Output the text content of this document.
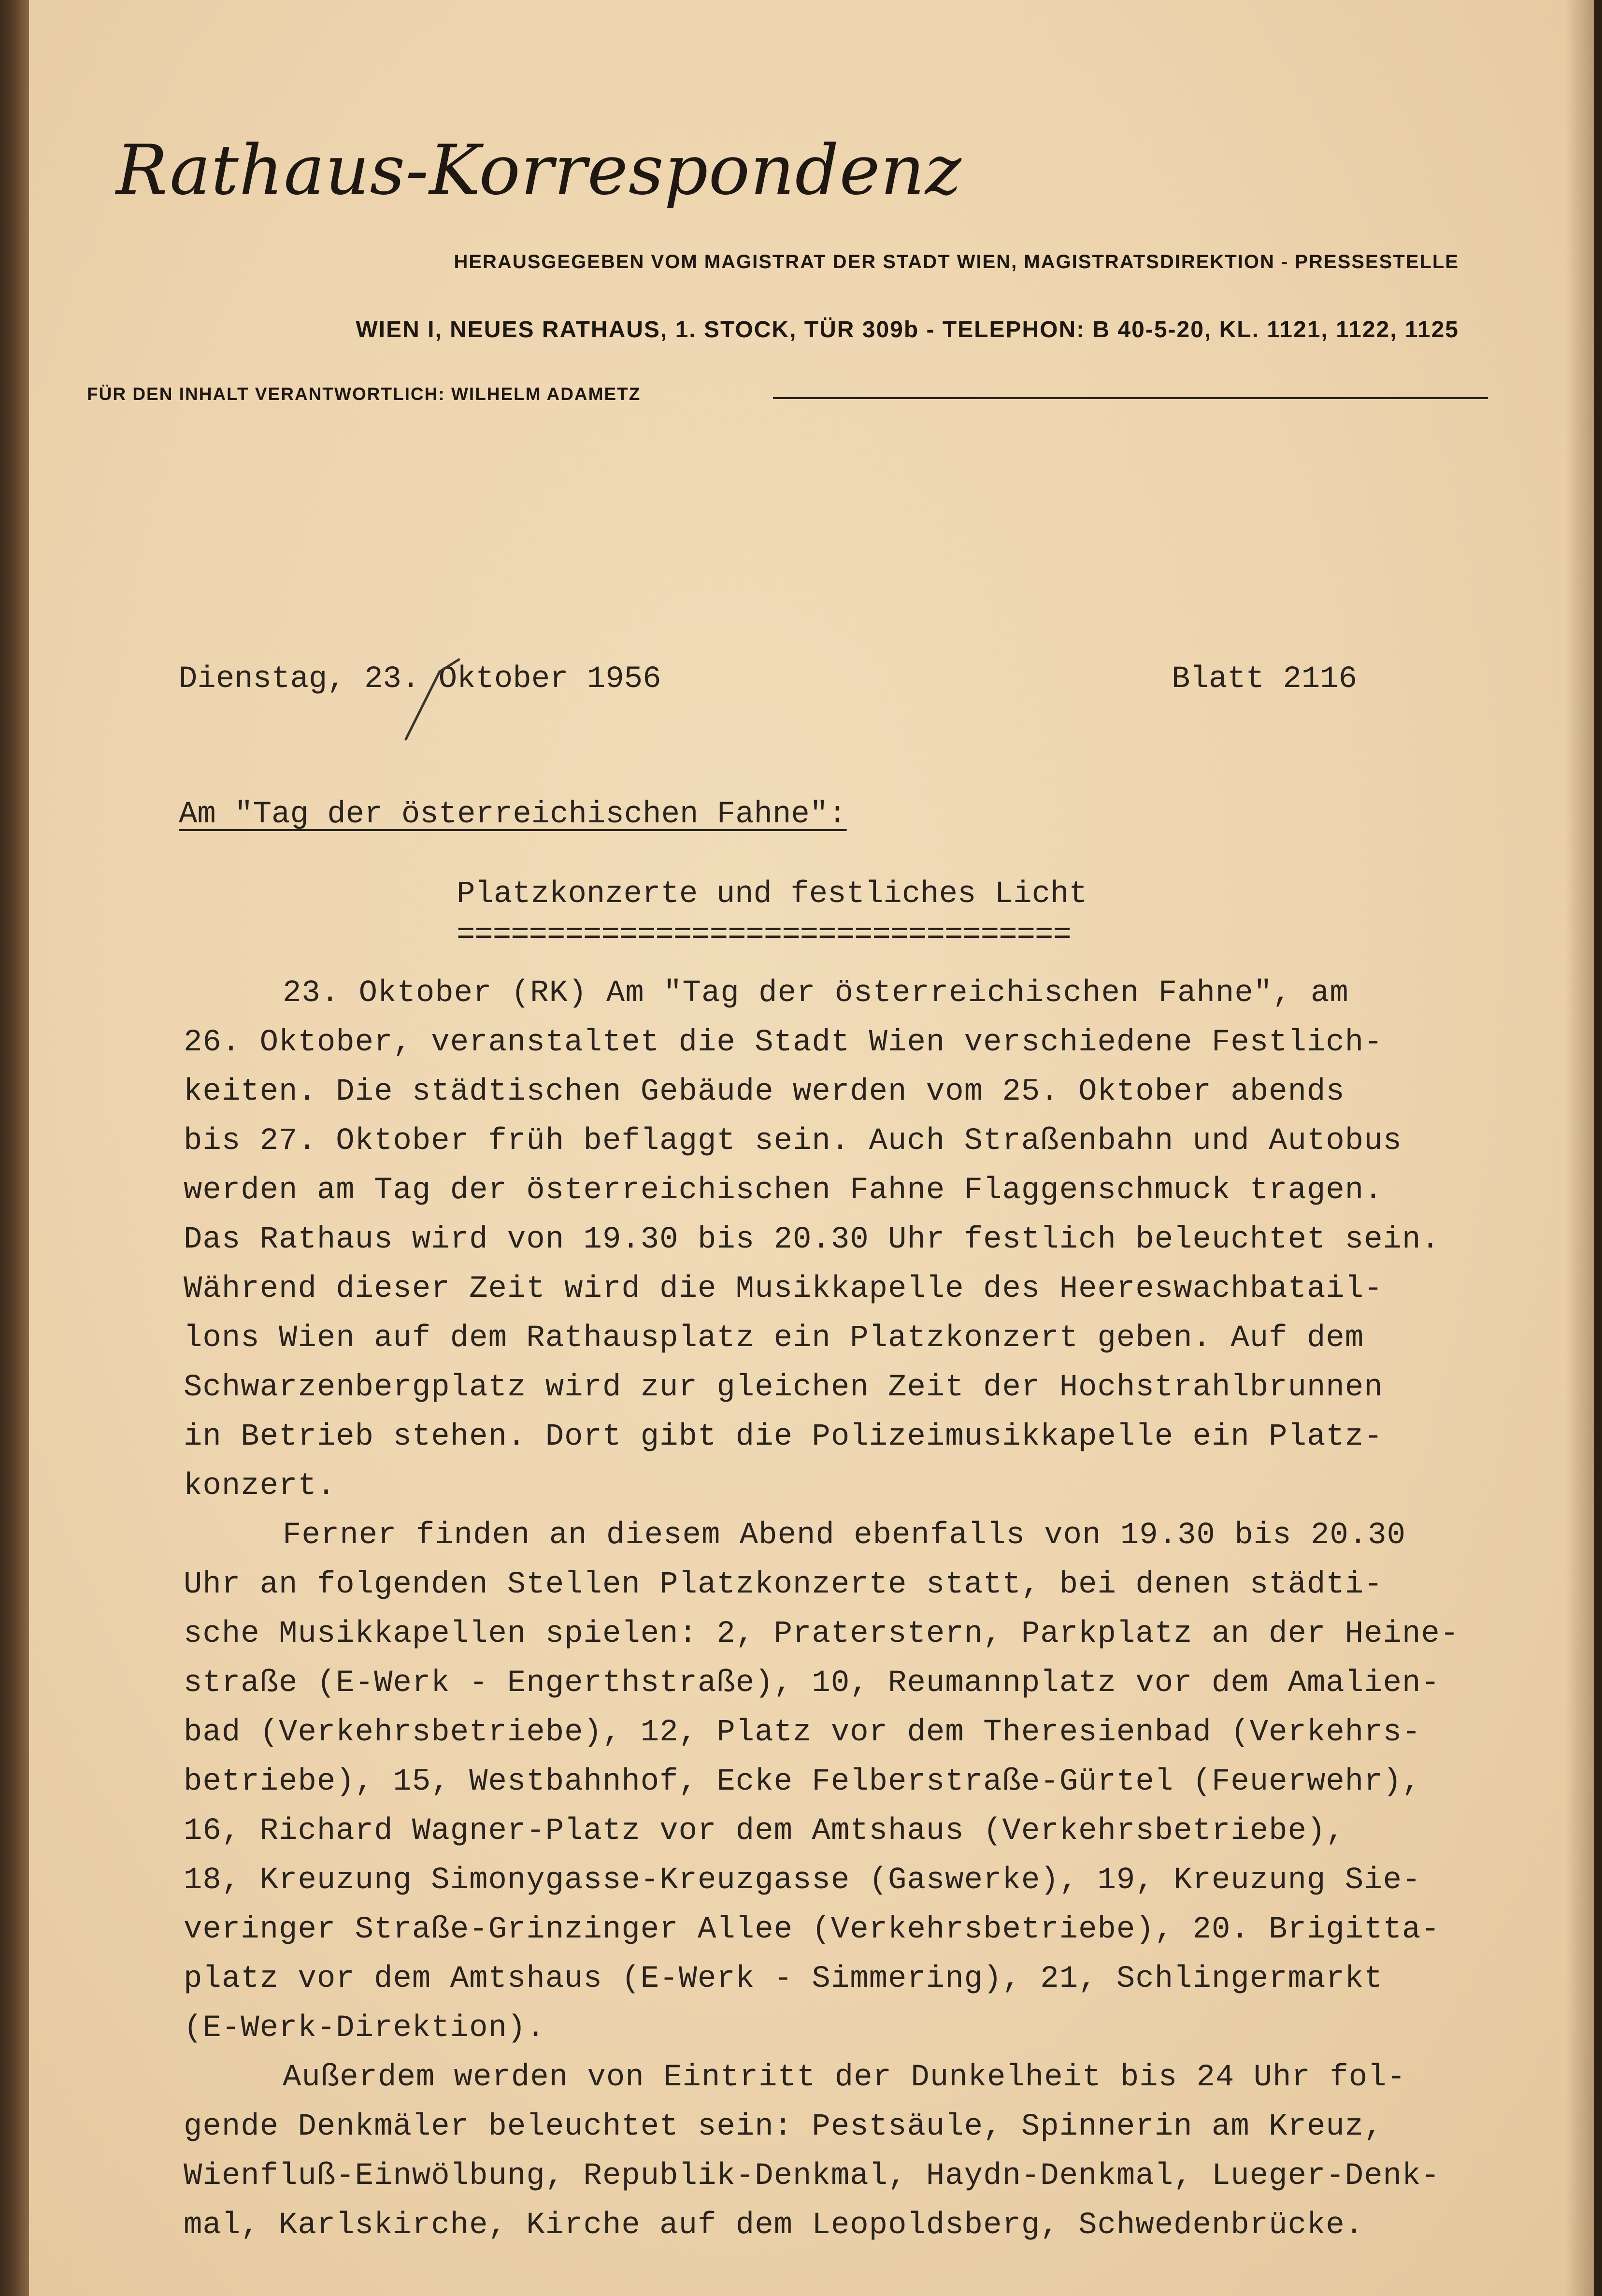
Rathaus-Korrespondenz
HERAUSGEGEBEN VOM MAGISTRAT DER STADT WIEN, MAGISTRATSDIREKTION - PRESSESTELLE
WIEN I, NEUES RATHAUS, 1. STOCK, TÜR 309b - TELEPHON: B 40-5-20, KL. 1121, 1122, 1125
FÜR DEN INHALT VERANTWORTLICH: WILHELM ADAMETZ
Dienstag, 23. Oktober 1956	Blatt 2116
Am "Tag der österreichischen Fahne":
Platzkonzerte und festliches Licht
==================================
23. Oktober (RK) Am "Tag der österreichischen Fahne", am
26. Oktober, veranstaltet die Stadt Wien verschiedene Festlich-
keiten. Die städtischen Gebäude werden vom 25. Oktober abends
bis 27. Oktober früh beflaggt sein. Auch Straßenbahn und Autobus
werden am Tag der österreichischen Fahne Flaggenschmuck tragen.
Das Rathaus wird von 19.30 bis 20.30 Uhr festlich beleuchtet sein.
Während dieser Zeit wird die Musikkapelle des Heereswachbatail-
lons Wien auf dem Rathausplatz ein Platzkonzert geben. Auf dem
Schwarzenbergplatz wird zur gleichen Zeit der Hochstrahlbrunnen
in Betrieb stehen. Dort gibt die Polizeimusikkapelle ein Platz-
konzert.
Ferner finden an diesem Abend ebenfalls von 19.30 bis 20.30
Uhr an folgenden Stellen Platzkonzerte statt, bei denen städti-
sche Musikkapellen spielen: 2, Praterstern, Parkplatz an der Heine-
straße (E-Werk - Engerthstraße), 10, Reumannplatz vor dem Amalien-
bad (Verkehrsbetriebe), 12, Platz vor dem Theresienbad (Verkehrs-
betriebe), 15, Westbahnhof, Ecke Felberstraße-Gürtel (Feuerwehr),
16, Richard Wagner-Platz vor dem Amtshaus (Verkehrsbetriebe),
18, Kreuzung Simonygasse-Kreuzgasse (Gaswerke), 19, Kreuzung Sie-
veringer Straße-Grinzinger Allee (Verkehrsbetriebe), 20. Brigitta-
platz vor dem Amtshaus (E-Werk - Simmering), 21, Schlingermarkt
(E-Werk-Direktion).
Außerdem werden von Eintritt der Dunkelheit bis 24 Uhr fol-
gende Denkmäler beleuchtet sein: Pestsäule, Spinnerin am Kreuz,
Wienfluß-Einwölbung, Republik-Denkmal, Haydn-Denkmal, Lueger-Denk-
mal, Karlskirche, Kirche auf dem Leopoldsberg, Schwedenbrücke.
